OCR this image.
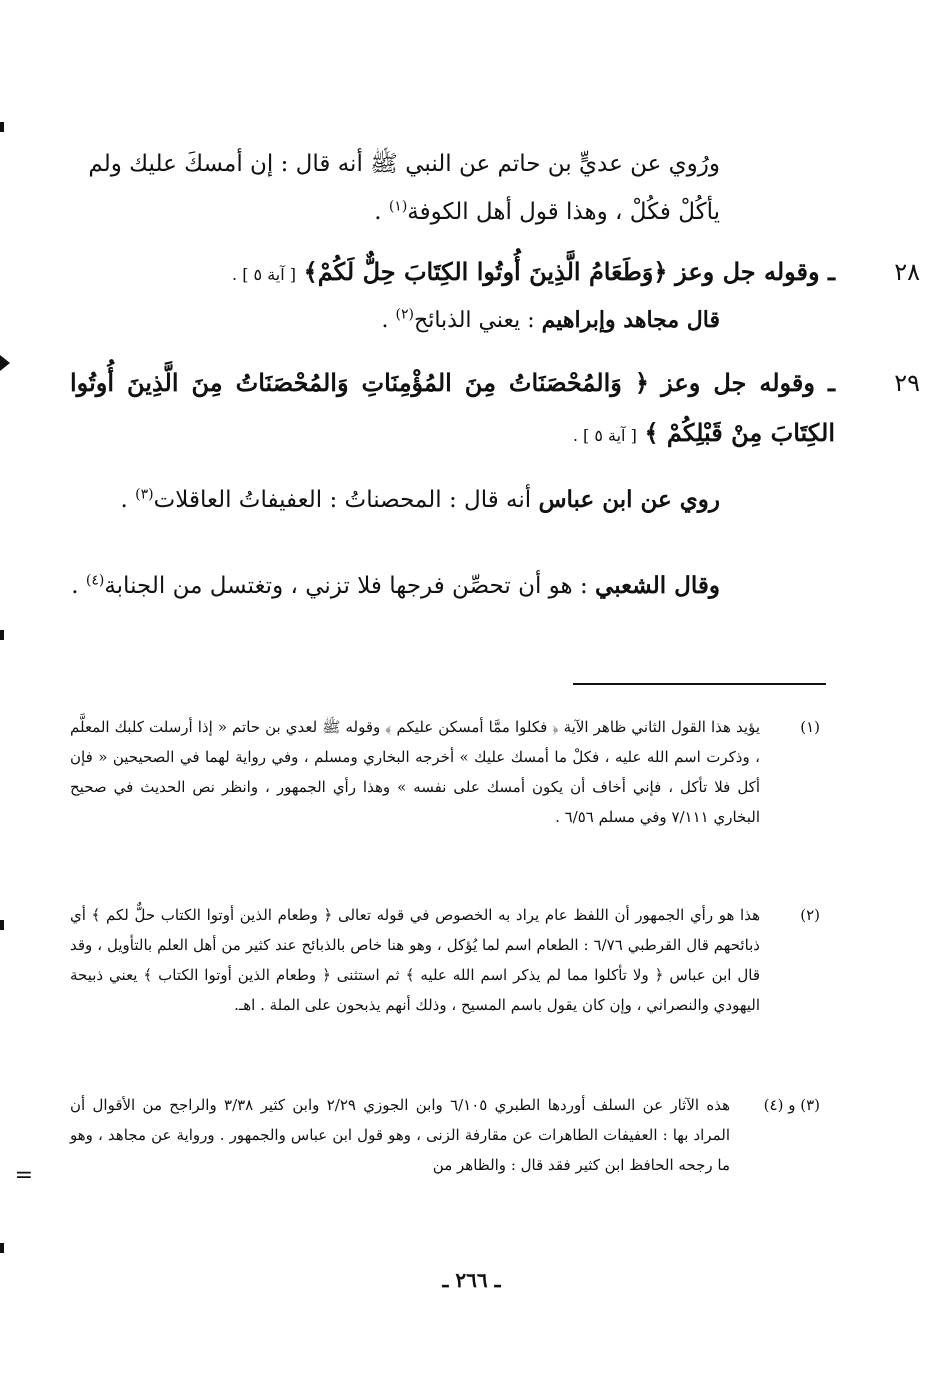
ورُوي عن عديٍّ بن حاتم عن النبي ﷺ أنه قال : إن أمسكَ عليك ولم يأكُلْ فكُلْ ، وهذا قول أهل الكوفة$^{(١)}$ .
٢٨
ـ وقوله جل وعز ﴿وَطَعَامُ الَّذِينَ أُوتُوا الكِتَابَ حِلٌّ لَكُمْ﴾ [ آية ٥ ] .
قال مجاهد وإبراهيم : يعني الذبائح$^{(٢)}$ .
٢٩
ـ وقوله جل وعز ﴿ وَالمُحْصَنَاتُ مِنَ المُؤْمِنَاتِ وَالمُحْصَنَاتُ مِنَ الَّذِينَ أُوتُوا الكِتَابَ مِنْ قَبْلِكُمْ ﴾ [ آية ٥ ] .
روي عن ابن عباس أنه قال : المحصناتُ : العفيفاتُ العاقلات$^{(٣)}$ .
وقال الشعبي : هو أن تحصِّن فرجها فلا تزني ، وتغتسل من الجنابة$^{(٤)}$ .
(١)
يؤيد هذا القول الثاني ظاهر الآية ﴿ فكلوا ممَّا أمسكن عليكم ﴾ وقوله ﷺ لعدي بن حاتم « إذا أرسلت كلبك المعلَّم ، وذكرت اسم الله عليه ، فكلْ ما أمسك عليك » أخرجه البخاري ومسلم ، وفي رواية لهما في الصحيحين « فإن أكل فلا تأكل ، فإني أخاف أن يكون أمسك على نفسه » وهذا رأي الجمهور ، وانظر نص الحديث في صحيح البخاري ٧/١١١ وفي مسلم ٦/٥٦ .
(٢)
هذا هو رأي الجمهور أن اللفظ عام يراد به الخصوص في قوله تعالى ﴿ وطعام الذين أوتوا الكتاب حلٌّ لكم ﴾ أي ذبائحهم قال القرطبي ٦/٧٦ : الطعام اسم لما يُؤكل ، وهو هنا خاص بالذبائح عند كثير من أهل العلم بالتأويل ، وقد قال ابن عباس ﴿ ولا تأكلوا مما لم يذكر اسم الله عليه ﴾ ثم استثنى ﴿ وطعام الذين أوتوا الكتاب ﴾ يعني ذبيحة اليهودي والنصراني ، وإن كان يقول باسم المسيح ، وذلك أنهم يذبحون على الملة . اهـ.
(٣) و (٤)
هذه الآثار عن السلف أوردها الطبري ٦/١٠٥ وابن الجوزي ٢/٢٩ وابن كثير ٣/٣٨ والراجح من الأقوال أن المراد بها : العفيفات الطاهرات عن مقارفة الزنى ، وهو قول ابن عباس والجمهور . ورواية عن مجاهد ، وهو ما رجحه الحافظ ابن كثير فقد قال : والظاهر من
=
ـ ٢٦٦ ـ
